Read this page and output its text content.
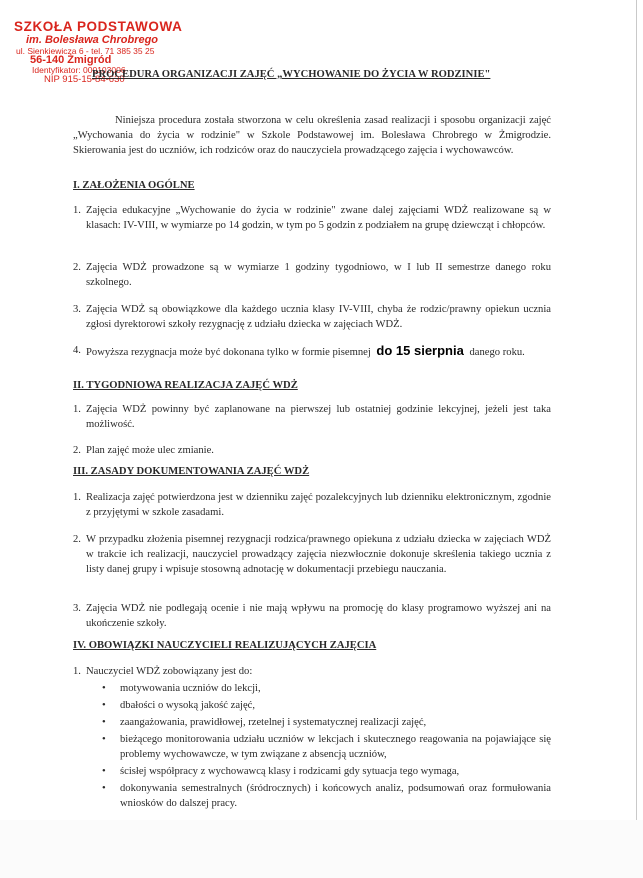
SZKOŁA PODSTAWOWA
im. Bolesława Chrobrego
ul. Sienkiewicza 6 - tel. 71 385 35 25
56-140 Żmigród
Identyfikator: 000103006
NIP 915-15-84-630
PROCEDURA ORGANIZACJI ZAJĘĆ „WYCHOWANIE DO ŻYCIA W RODZINIE"

Niniejsza procedura została stworzona w celu określenia zasad realizacji i sposobu organizacji zajęć „Wychowania do życia w rodzinie" w Szkole Podstawowej im. Bolesława Chrobrego w Żmigrodzie. Skierowania jest do uczniów, ich rodziców oraz do nauczyciela prowadzącego zajęcia i wychowawców.

I. ZAŁOŻENIA OGÓLNE
1. Zajęcia edukacyjne „Wychowanie do życia w rodzinie" zwane dalej zajęciami WDŻ realizowane są w klasach: IV-VIII, w wymiarze po 14 godzin, w tym po 5 godzin z podziałem na grupę dziewcząt i chłopców.
2. Zajęcia WDŻ prowadzone są w wymiarze 1 godziny tygodniowo, w I lub II semestrze danego roku szkolnego.
3. Zajęcia WDŻ są obowiązkowe dla każdego ucznia klasy IV-VIII, chyba że rodzic/prawny opiekun ucznia zgłosi dyrektorowi szkoły rezygnację z udziału dziecka w zajęciach WDŻ.
4. Powyższa rezygnacja może być dokonana tylko w formie pisemnej do 15 sierpnia danego roku.
II. TYGODNIOWA REALIZACJA ZAJĘĆ WDŻ
1. Zajęcia WDŻ powinny być zaplanowane na pierwszej lub ostatniej godzinie lekcyjnej, jeżeli jest taka możliwość.
2. Plan zajęć może ulec zmianie.
III. ZASADY DOKUMENTOWANIA ZAJĘĆ WDŻ
1. Realizacja zajęć potwierdzona jest w dzienniku zajęć pozalekcyjnych lub dzienniku elektronicznym, zgodnie z przyjętymi w szkole zasadami.
2. W przypadku złożenia pisemnej rezygnacji rodzica/prawnego opiekuna z udziału dziecka w zajęciach WDŻ w trakcie ich realizacji, nauczyciel prowadzący zajęcia niezwłocznie dokonuje skreślenia takiego ucznia z listy danej grupy i wpisuje stosowną adnotację w dokumentacji przebiegu nauczania.
3. Zajęcia WDŻ nie podlegają ocenie i nie mają wpływu na promocję do klasy programowo wyższej ani na ukończenie szkoły.
IV. OBOWIĄZKI NAUCZYCIELI REALIZUJĄCYCH ZAJĘCIA
1. Nauczyciel WDŻ zobowiązany jest do:
• motywowania uczniów do lekcji,
• dbałości o wysoką jakość zajęć,
• zaangażowania, prawidłowej, rzetelnej i systematycznej realizacji zajęć,
• bieżącego monitorowania udziału uczniów w lekcjach i skutecznego reagowania na pojawiające się problemy wychowawcze, w tym związane z absencją uczniów,
• ścisłej współpracy z wychowawcą klasy i rodzicami gdy sytuacja tego wymaga,
• dokonywania semestralnych (śródrocznych) i końcowych analiz, podsumowań oraz formułowania wniosków do dalszej pracy.
